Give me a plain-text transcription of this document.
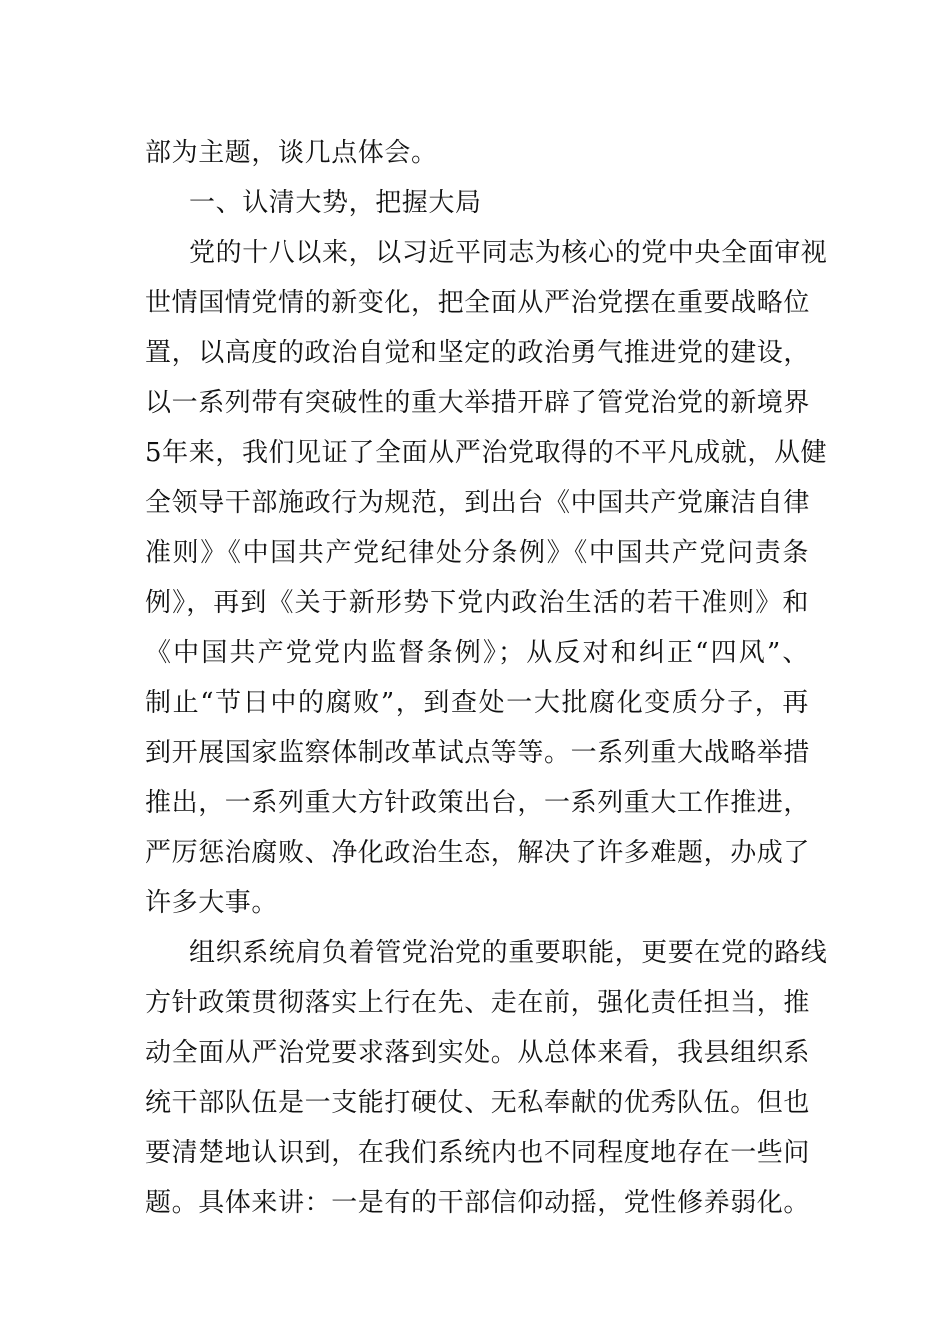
部为主题，谈几点体会。
一、认清大势，把握大局
党的十八以来，以习近平同志为核心的党中央全面审视
世情国情党情的新变化，把全面从严治党摆在重要战略位
置，以高度的政治自觉和坚定的政治勇气推进党的建设，
以一系列带有突破性的重大举措开辟了管党治党的新境界
5年来，我们见证了全面从严治党取得的不平凡成就，从健
全领导干部施政行为规范，到出台《中国共产党廉洁自律
准则》《中国共产党纪律处分条例》《中国共产党问责条
例》，再到《关于新形势下党内政治生活的若干准则》和
《中国共产党党内监督条例》；从反对和纠正“四风”、
制止“节日中的腐败”，到查处一大批腐化变质分子，再
到开展国家监察体制改革试点等等。一系列重大战略举措
推出，一系列重大方针政策出台，一系列重大工作推进，
严厉惩治腐败、净化政治生态，解决了许多难题，办成了
许多大事。
组织系统肩负着管党治党的重要职能，更要在党的路线
方针政策贯彻落实上行在先、走在前，强化责任担当，推
动全面从严治党要求落到实处。从总体来看，我县组织系
统干部队伍是一支能打硬仗、无私奉献的优秀队伍。但也
要清楚地认识到，在我们系统内也不同程度地存在一些问
题。具体来讲：一是有的干部信仰动摇，党性修养弱化。
